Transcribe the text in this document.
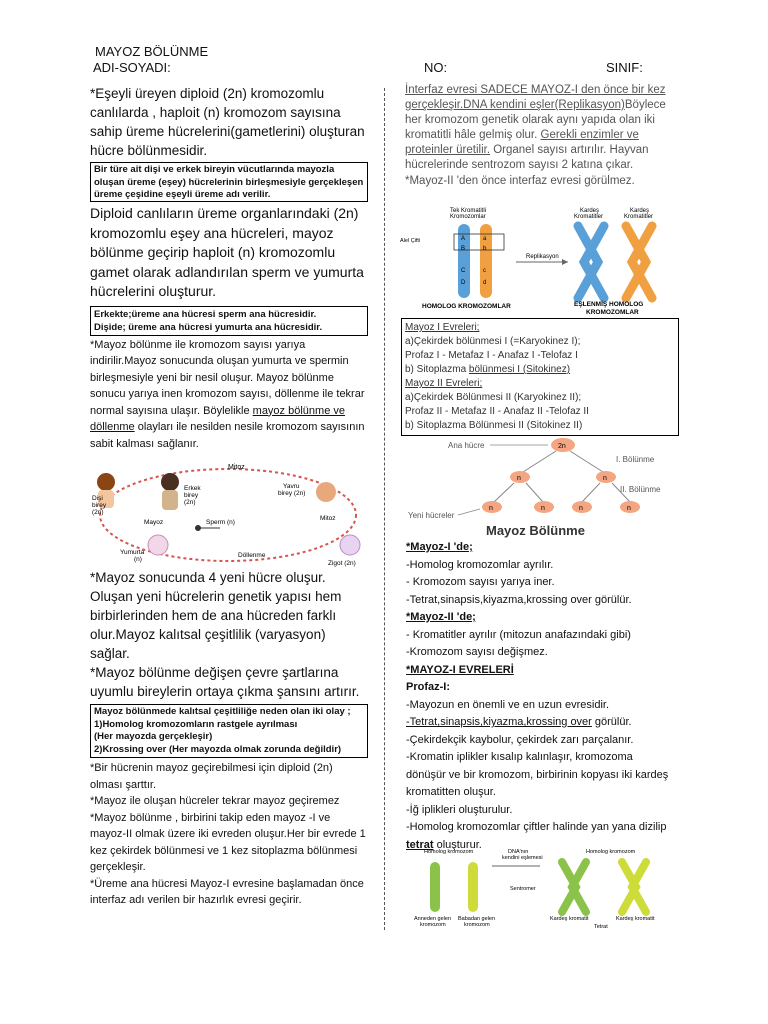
MAYOZ BÖLÜNME
ADI-SOYADI:	NO:	SINIF:

*Eşeyli üreyen diploid (2n) kromozomlu canlılarda , haploit (n) kromozom sayısına sahip üreme hücrelerini(gametlerini) oluşturan hücre bölünmesidir.

Bir türe ait dişi ve erkek bireyin vücutlarında mayozla oluşan üreme (eşey) hücrelerinin birleşmesiyle gerçekleşen üreme çeşidine eşeyli üreme adı verilir.

Diploid canlıların üreme organlarındaki (2n) kromozomlu eşey ana hücreleri, mayoz bölünme geçirip haploit (n) kromozomlu gamet olarak adlandırılan sperm ve yumurta hücrelerini oluşturur.

Erkekte;üreme ana hücresi sperm ana hücresidir.
Dişide; üreme ana hücresi yumurta ana hücresidir.

*Mayoz bölünme ile kromozom sayısı yarıya indirilir.Mayoz sonucunda oluşan yumurta ve spermin birleşmesiyle yeni bir nesil oluşur. Mayoz bölünme sonucu yarıya inen kromozom sayısı, döllenme ile tekrar normal sayısına ulaşır. Böylelikle mayoz bölünme ve döllenme olayları ile nesilden nesile kromozom sayısının sabit kalması sağlanır.

Mitoz
Dişi
birey
(2n)
Erkek
birey
(2n)
Yavru
birey (2n)
Mayoz	Sperm (n)
Mitoz
Yumurta
(n)
Döllenme
Zigot (2n)

*Mayoz sonucunda 4 yeni hücre oluşur. Oluşan yeni hücrelerin genetik yapısı hem birbirlerinden hem de ana hücreden farklı olur.Mayoz kalıtsal çeşitlilik (varyasyon) sağlar.

*Mayoz bölünme değişen çevre şartlarına uyumlu bireylerin ortaya çıkma şansını artırır.

Mayoz bölünmede kalıtsal çeşitliliğe neden olan iki olay ;
1)Homolog kromozomların rastgele ayrılması
(Her mayozda gerçekleşir)
2)Krossing over (Her mayozda olmak zorunda değildir)

*Bir hücrenin mayoz geçirebilmesi için diploid (2n) olması şarttır.

*Mayoz ile oluşan hücreler tekrar mayoz geçiremez

*Mayoz bölünme , birbirini takip eden mayoz -I ve mayoz-II olmak üzere iki evreden oluşur.Her bir evrede 1 kez çekirdek bölünmesi ve 1 kez sitoplazma bölünmesi gerçekleşir.

*Üreme ana hücresi Mayoz-I evresine başlamadan önce interfaz adı verilen bir hazırlık evresi geçirir.

İnterfaz evresi SADECE MAYOZ-I den önce bir kez gerçekleşir.DNA kendini eşler(Replikasyon)Böylece her kromozom genetik olarak aynı yapıda olan iki kromatitli hâle gelmiş olur. Gerekli enzimler ve proteinler üretilir. Organel sayısı artırılır. Hayvan hücrelerinde sentrozom sayısı 2 katına çıkar.

*Mayoz-II 'den önce interfaz evresi görülmez.

Tek Kromatitli
Kromozomlar
Alel Çifti	A	a
B	b
C	c
D	d
Replikasyon
Kardeş
Kromatitler
Kardeş
Kromatitler
HOMOLOG KROMOZOMLAR	EŞLENMİŞ HOMOLOG
KROMOZOMLAR
Mayoz I Evreleri;
a)Çekirdek bölünmesi I (=Karyokinez I);
Profaz I - Metafaz I - Anafaz I -Telofaz I
b) Sitoplazma bölünmesi I (Sitokinez)
Mayoz II Evreleri;
a)Çekirdek Bölünmesi II (Karyokinez II);
Profaz II - Metafaz II - Anafaz II -Telofaz II
b) Sitoplazma Bölünmesi II (Sitokinez II)
Ana hücre	2n
I. Bölünme
n	n
II. Bölünme
n	n	n	n
Yeni hücreler
Mayoz Bölünme

*Mayoz-I 'de;

-Homolog kromozomlar ayrılır.

- Kromozom sayısı yarıya iner.

-Tetrat,sinapsis,kiyazma,krossing over görülür.

*Mayoz-II 'de;

- Kromatitler ayrılır (mitozun anafazındaki gibi)

-Kromozom sayısı değişmez.

*MAYOZ-I EVRELERİ

Profaz-I:

-Mayozun en önemli ve en uzun evresidir.

-Tetrat,sinapsis,kiyazma,krossing over görülür.

-Çekirdekçik kaybolur, çekirdek zarı parçalanır.

-Kromatin iplikler kısalıp kalınlaşır, kromozoma dönüşür ve bir kromozom, birbirinin kopyası iki kardeş kromatitten oluşur.

-İğ iplikleri oluşturulur.

-Homolog kromozomlar çiftler halinde yan yana dizilip tetrat oluşturur.

Homolog kromozom	DNA'nın
kendini eşlemesi
Homolog kromozom
Sentromer
Anneden gelen
kromozom
Babadan gelen
kromozom
Kardeş kromatit	Kardeş kromatit
Tetrat
